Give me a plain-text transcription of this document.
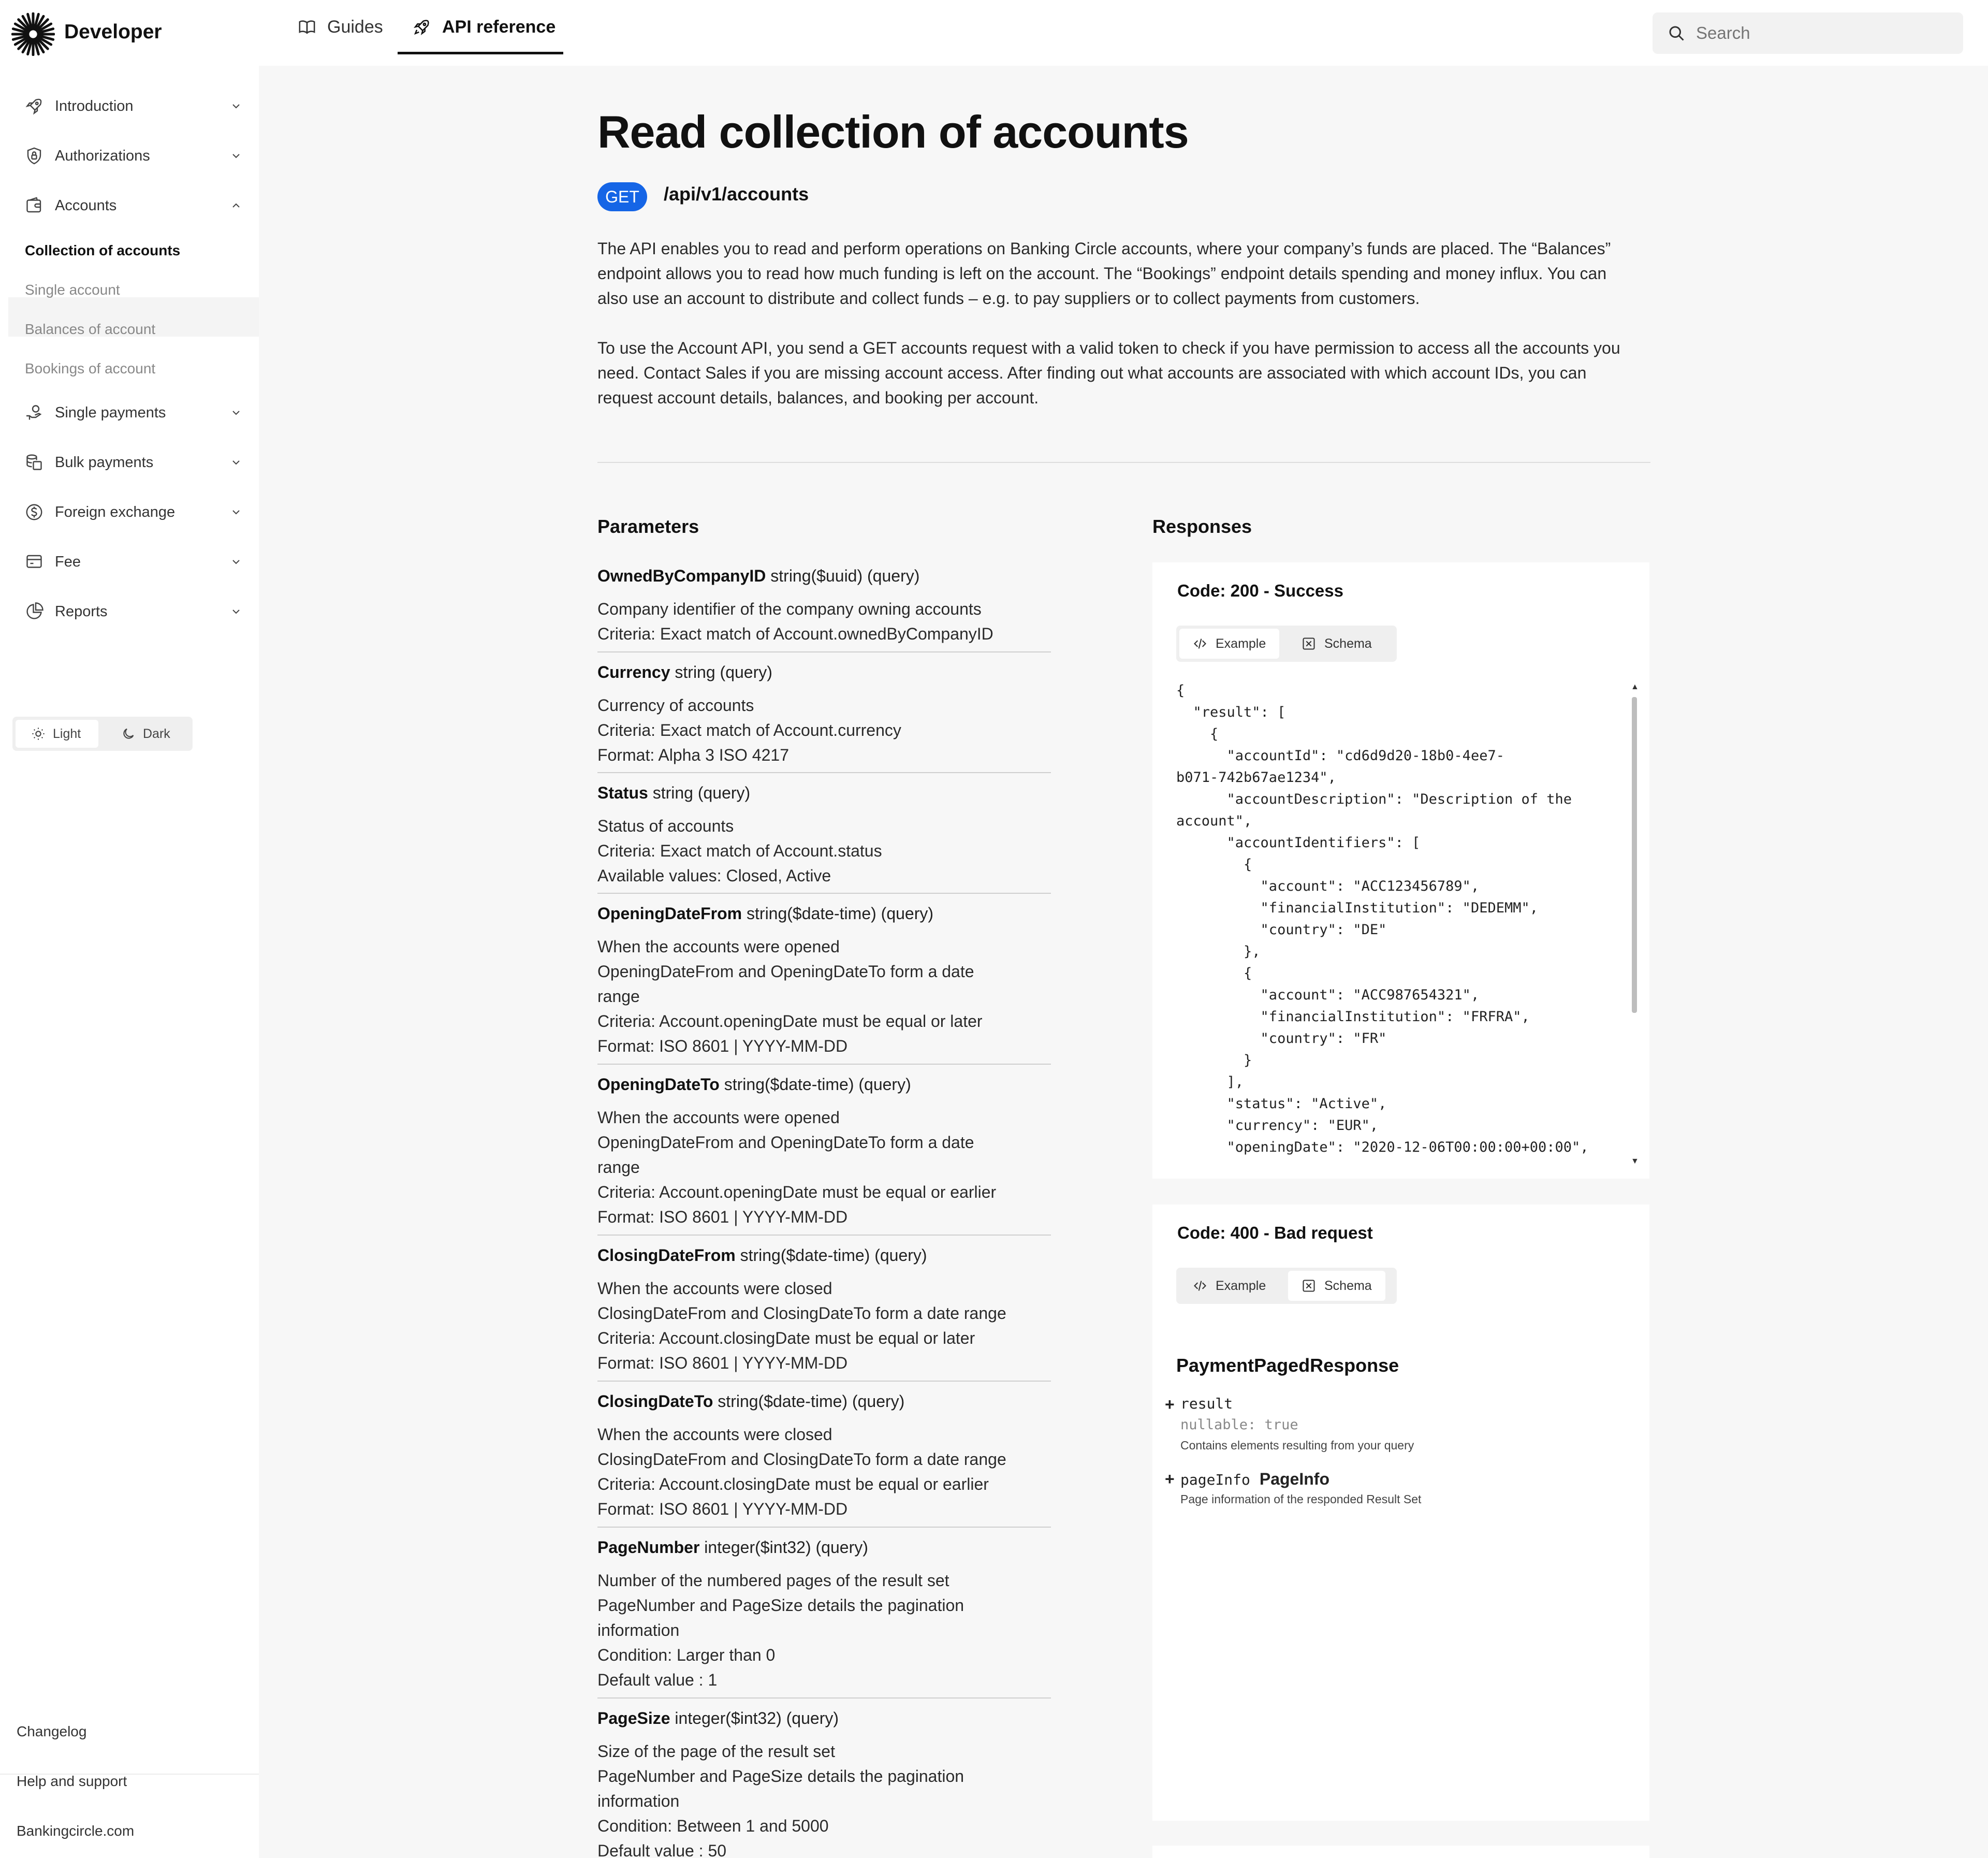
Developer	Guides	API reference
Search
Introduction
Authorizations
Accounts
Collection of accounts
Single account
Balances of account
Bookings of account
Single payments
Bulk payments
Foreign exchange
Fee
Reports
Light	Dark
Changelog
Help and support
Bankingcircle.com
Read collection of accounts
GET	/api/v1/accounts
The API enables you to read and perform operations on Banking Circle accounts, where your company’s funds are placed. The “Balances”
endpoint allows you to read how much funding is left on the account. The “Bookings” endpoint details spending and money influx. You can
also use an account to distribute and collect funds – e.g. to pay suppliers or to collect payments from customers.
To use the Account API, you send a GET accounts request with a valid token to check if you have permission to access all the accounts you
need. Contact Sales if you are missing account access. After finding out what accounts are associated with which account IDs, you can
request account details, balances, and booking per account.
Parameters
OwnedByCompanyID string($uuid) (query)
Company identifier of the company owning accounts
Criteria: Exact match of Account.ownedByCompanyID
Currency string (query)
Currency of accounts
Criteria: Exact match of Account.currency
Format: Alpha 3 ISO 4217
Status string (query)
Status of accounts
Criteria: Exact match of Account.status
Available values: Closed, Active
OpeningDateFrom string($date-time) (query)
When the accounts were opened
OpeningDateFrom and OpeningDateTo form a date
range
Criteria: Account.openingDate must be equal or later
Format: ISO 8601 | YYYY-MM-DD
OpeningDateTo string($date-time) (query)
When the accounts were opened
OpeningDateFrom and OpeningDateTo form a date
range
Criteria: Account.openingDate must be equal or earlier
Format: ISO 8601 | YYYY-MM-DD
ClosingDateFrom string($date-time) (query)
When the accounts were closed
ClosingDateFrom and ClosingDateTo form a date range
Criteria: Account.closingDate must be equal or later
Format: ISO 8601 | YYYY-MM-DD
ClosingDateTo string($date-time) (query)
When the accounts were closed
ClosingDateFrom and ClosingDateTo form a date range
Criteria: Account.closingDate must be equal or earlier
Format: ISO 8601 | YYYY-MM-DD
PageNumber integer($int32) (query)
Number of the numbered pages of the result set
PageNumber and PageSize details the pagination
information
Condition: Larger than 0
Default value : 1
PageSize integer($int32) (query)
Size of the page of the result set
PageNumber and PageSize details the pagination
information
Condition: Between 1 and 5000
Default value : 50
Responses
Code: 200 - Success
Example	Schema
{
"result": [
{
"accountId": "cd6d9d20-18b0-4ee7-
b071-742b67ae1234",
"accountDescription": "Description of the
account",
"accountIdentifiers": [
{
"account": "ACC123456789",
"financialInstitution": "DEDEMM",
"country": "DE"
},
{
"account": "ACC987654321",
"financialInstitution": "FRFRA",
"country": "FR"
}
],
"status": "Active",
"currency": "EUR",
"openingDate": "2020-12-06T00:00:00+00:00",
▲
▼
Code: 400 - Bad request
Example	Schema
PaymentPagedResponse
+ result
nullable: true
Contains elements resulting from your query
+ pageInfo PageInfo
Page information of the responded Result Set
